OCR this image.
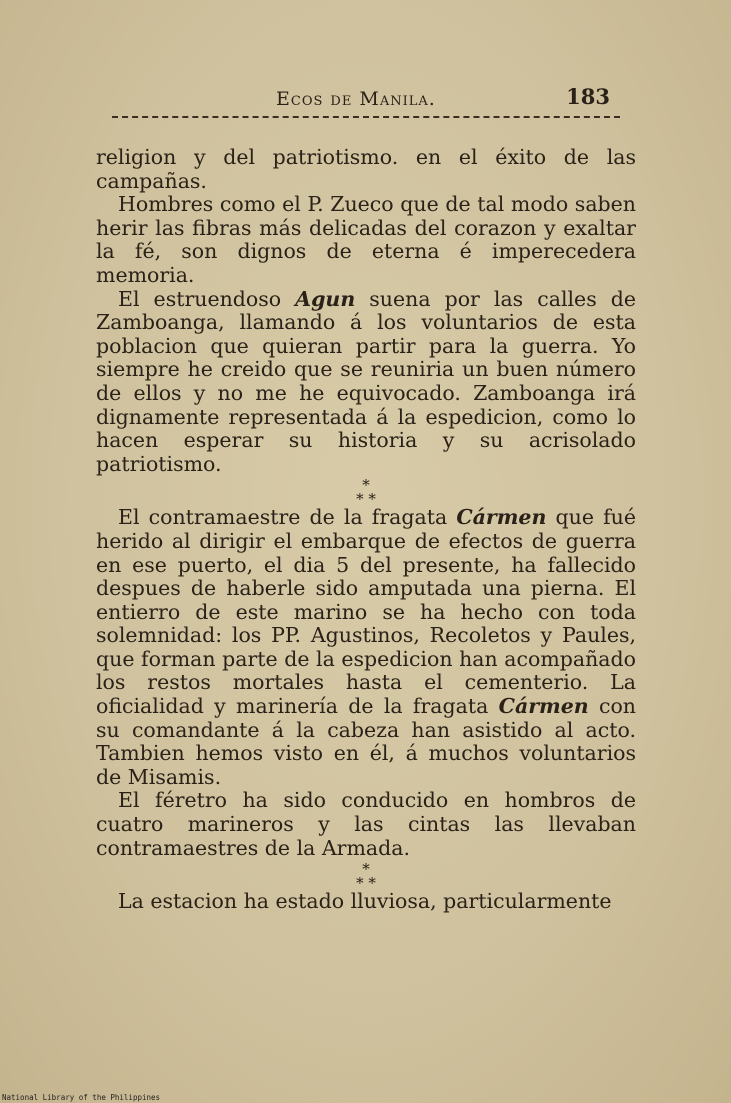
Ecos de Manila.	183

religion y del patriotismo. en el éxito de las campañas.

Hombres como el P. Zueco que de tal modo saben herir las fibras más delicadas del corazon y exaltar la fé, son dignos de eterna é imperecedera memoria.

El estruendoso Agun suena por las calles de Zamboanga, llamando á los voluntarios de esta poblacion que quieran partir para la guerra. Yo siempre he creido que se reuniria un buen número de ellos y no me he equivocado. Zamboanga irá dignamente representada á la espedicion, como lo hacen esperar su historia y su acrisolado patriotismo.

*
* *

El contramaestre de la fragata Cármen que fué herido al dirigir el embarque de efectos de guerra en ese puerto, el dia 5 del presente, ha fallecido despues de haberle sido amputada una pierna. El entierro de este marino se ha hecho con toda solemnidad: los PP. Agustinos, Recoletos y Paules, que forman parte de la espedicion han acompañado los restos mortales hasta el cementerio. La oficialidad y marinería de la fragata Cármen con su comandante á la cabeza han asistido al acto. Tambien hemos visto en él, á muchos voluntarios de Misamis.

El féretro ha sido conducido en hombros de cuatro marineros y las cintas las llevaban contramaestres de la Armada.

*
* *

La estacion ha estado lluviosa, particularmente

National Library of the Philippines
